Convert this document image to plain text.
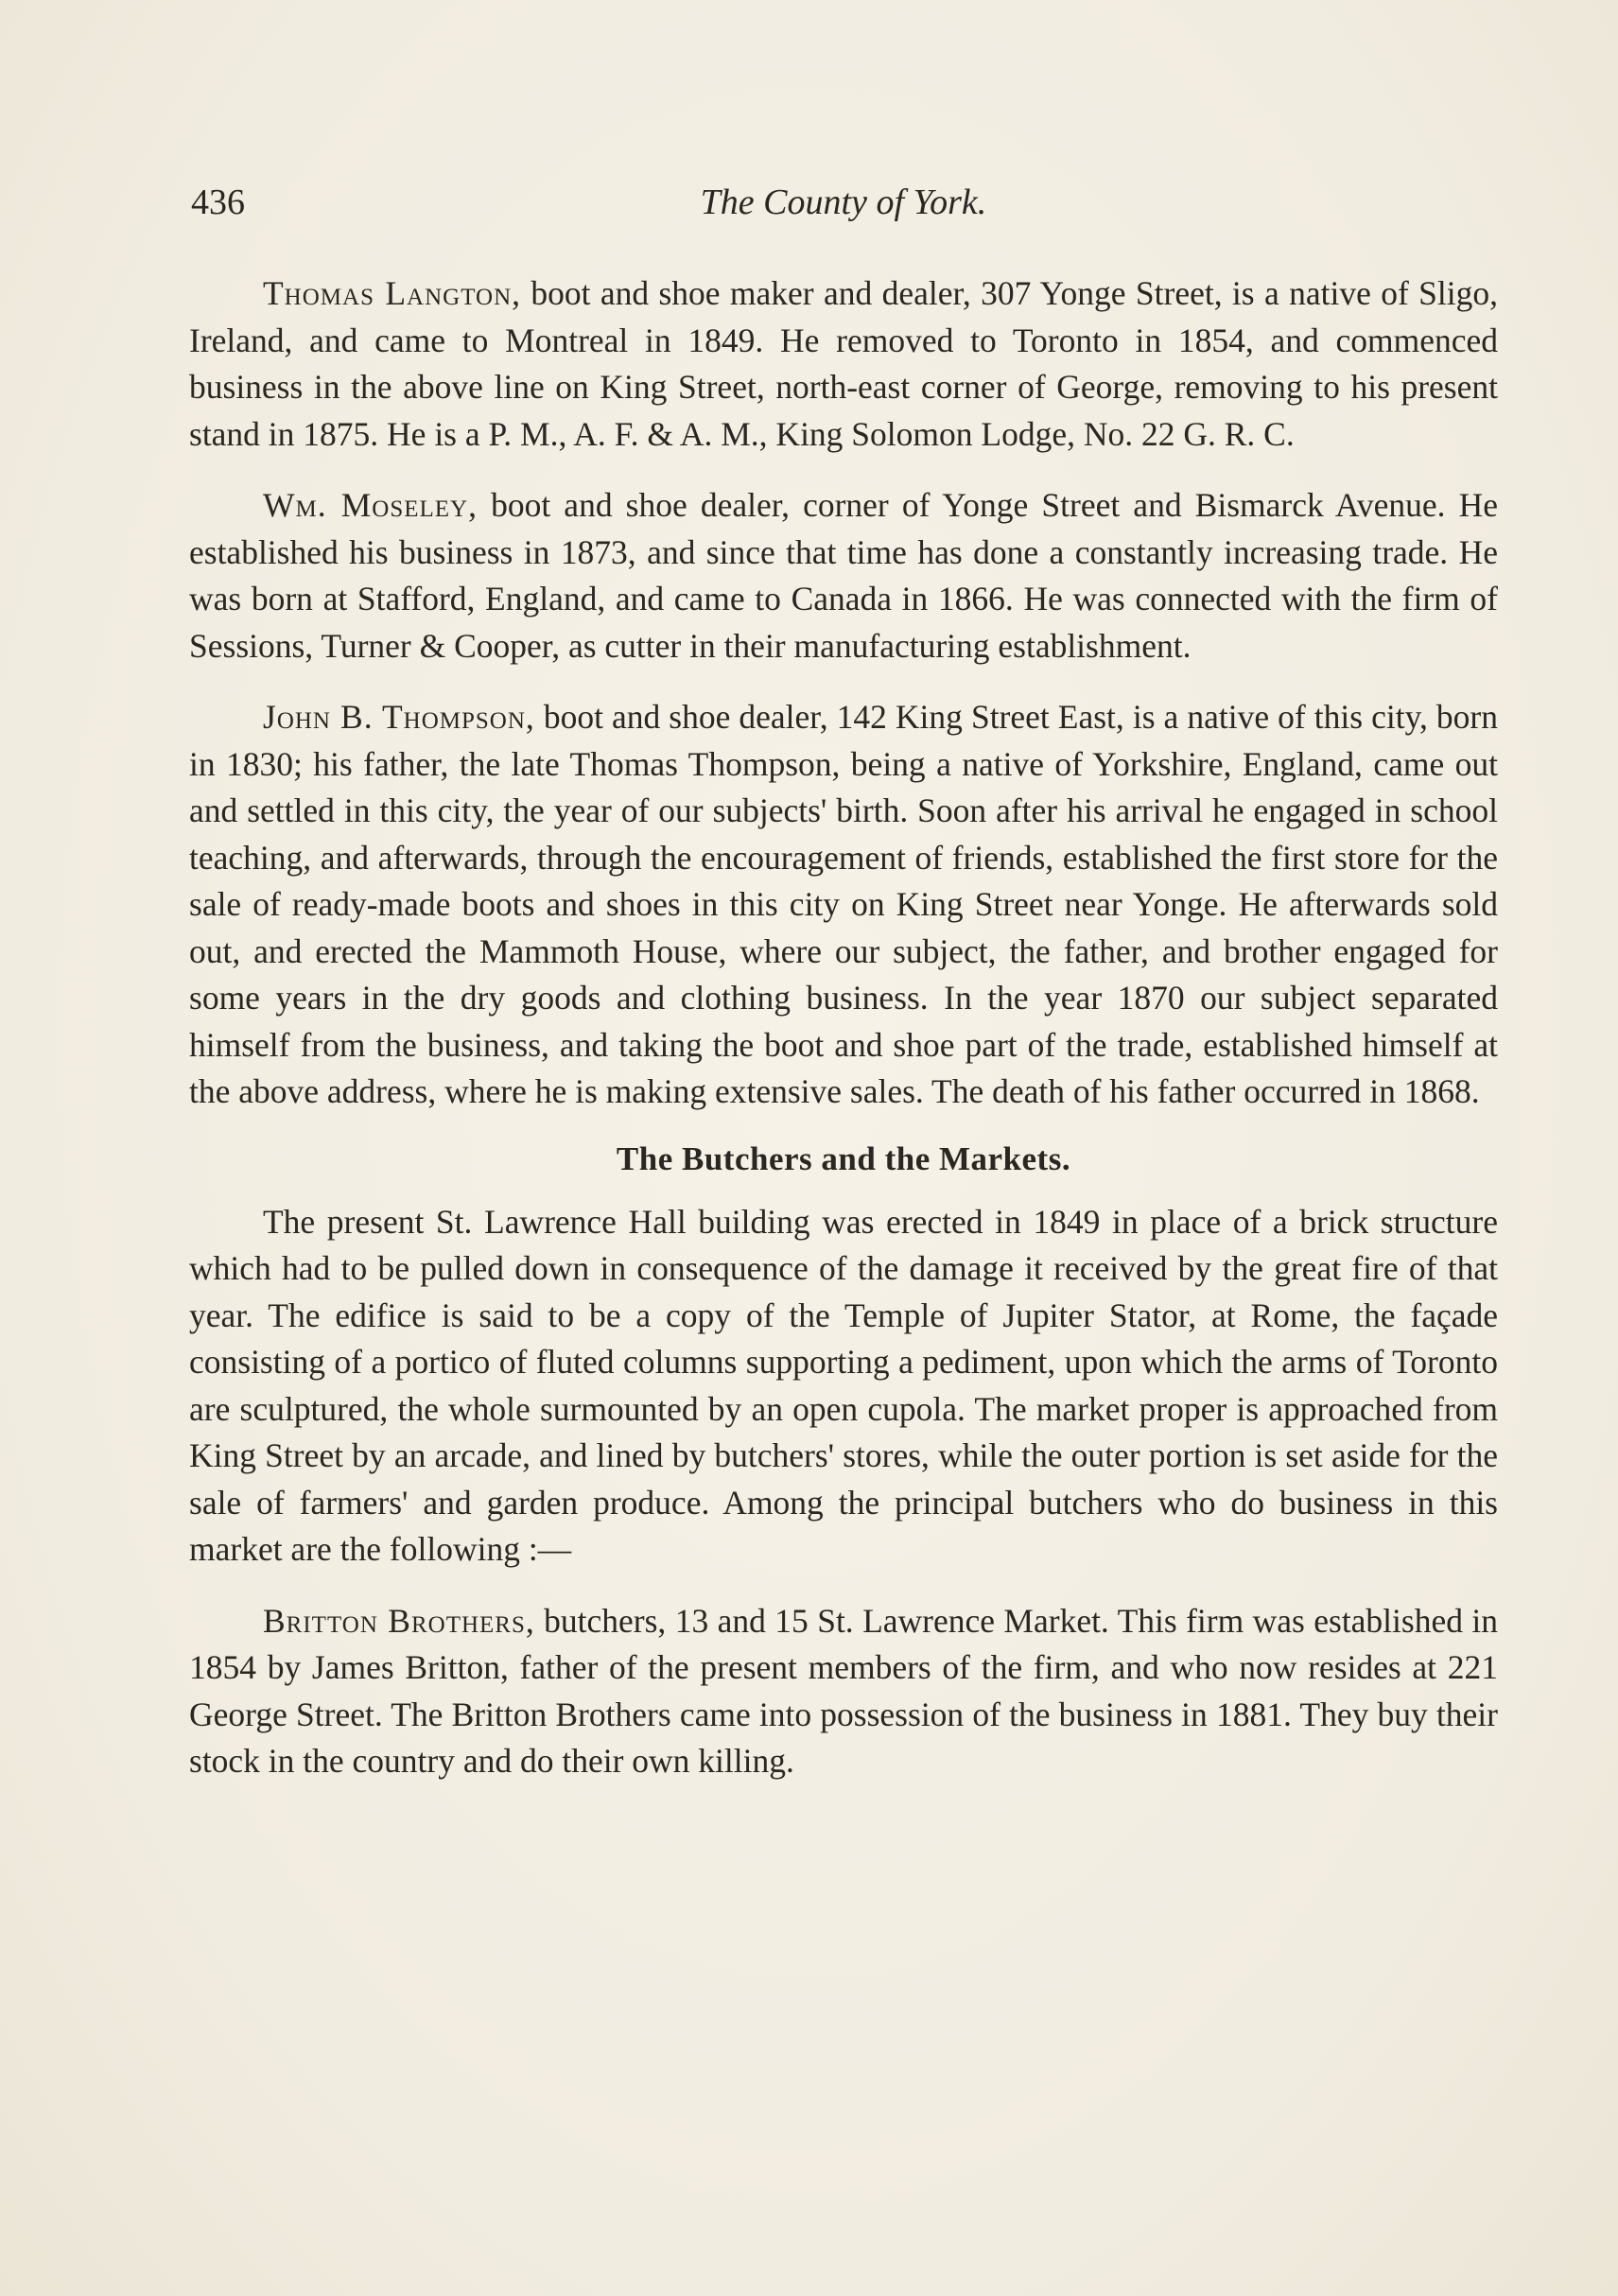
436	The County of York.

Thomas Langton, boot and shoe maker and dealer, 307 Yonge Street, is a native of Sligo, Ireland, and came to Montreal in 1849. He removed to Toronto in 1854, and commenced business in the above line on King Street, north-east corner of George, removing to his present stand in 1875. He is a P. M., A. F. & A. M., King Solomon Lodge, No. 22 G. R. C.

Wm. Moseley, boot and shoe dealer, corner of Yonge Street and Bismarck Avenue. He established his business in 1873, and since that time has done a constantly increasing trade. He was born at Stafford, England, and came to Canada in 1866. He was connected with the firm of Sessions, Turner & Cooper, as cutter in their manufacturing establishment.

John B. Thompson, boot and shoe dealer, 142 King Street East, is a native of this city, born in 1830; his father, the late Thomas Thompson, being a native of Yorkshire, England, came out and settled in this city, the year of our subjects' birth. Soon after his arrival he engaged in school teaching, and afterwards, through the encouragement of friends, established the first store for the sale of ready-made boots and shoes in this city on King Street near Yonge. He afterwards sold out, and erected the Mammoth House, where our subject, the father, and brother engaged for some years in the dry goods and clothing business. In the year 1870 our subject separated himself from the business, and taking the boot and shoe part of the trade, established himself at the above address, where he is making extensive sales. The death of his father occurred in 1868.

The Butchers and the Markets.

The present St. Lawrence Hall building was erected in 1849 in place of a brick structure which had to be pulled down in consequence of the damage it received by the great fire of that year. The edifice is said to be a copy of the Temple of Jupiter Stator, at Rome, the façade consisting of a portico of fluted columns supporting a pediment, upon which the arms of Toronto are sculptured, the whole surmounted by an open cupola. The market proper is approached from King Street by an arcade, and lined by butchers' stores, while the outer portion is set aside for the sale of farmers' and garden produce. Among the principal butchers who do business in this market are the following :—

Britton Brothers, butchers, 13 and 15 St. Lawrence Market. This firm was established in 1854 by James Britton, father of the present members of the firm, and who now resides at 221 George Street. The Britton Brothers came into possession of the business in 1881. They buy their stock in the country and do their own killing.
